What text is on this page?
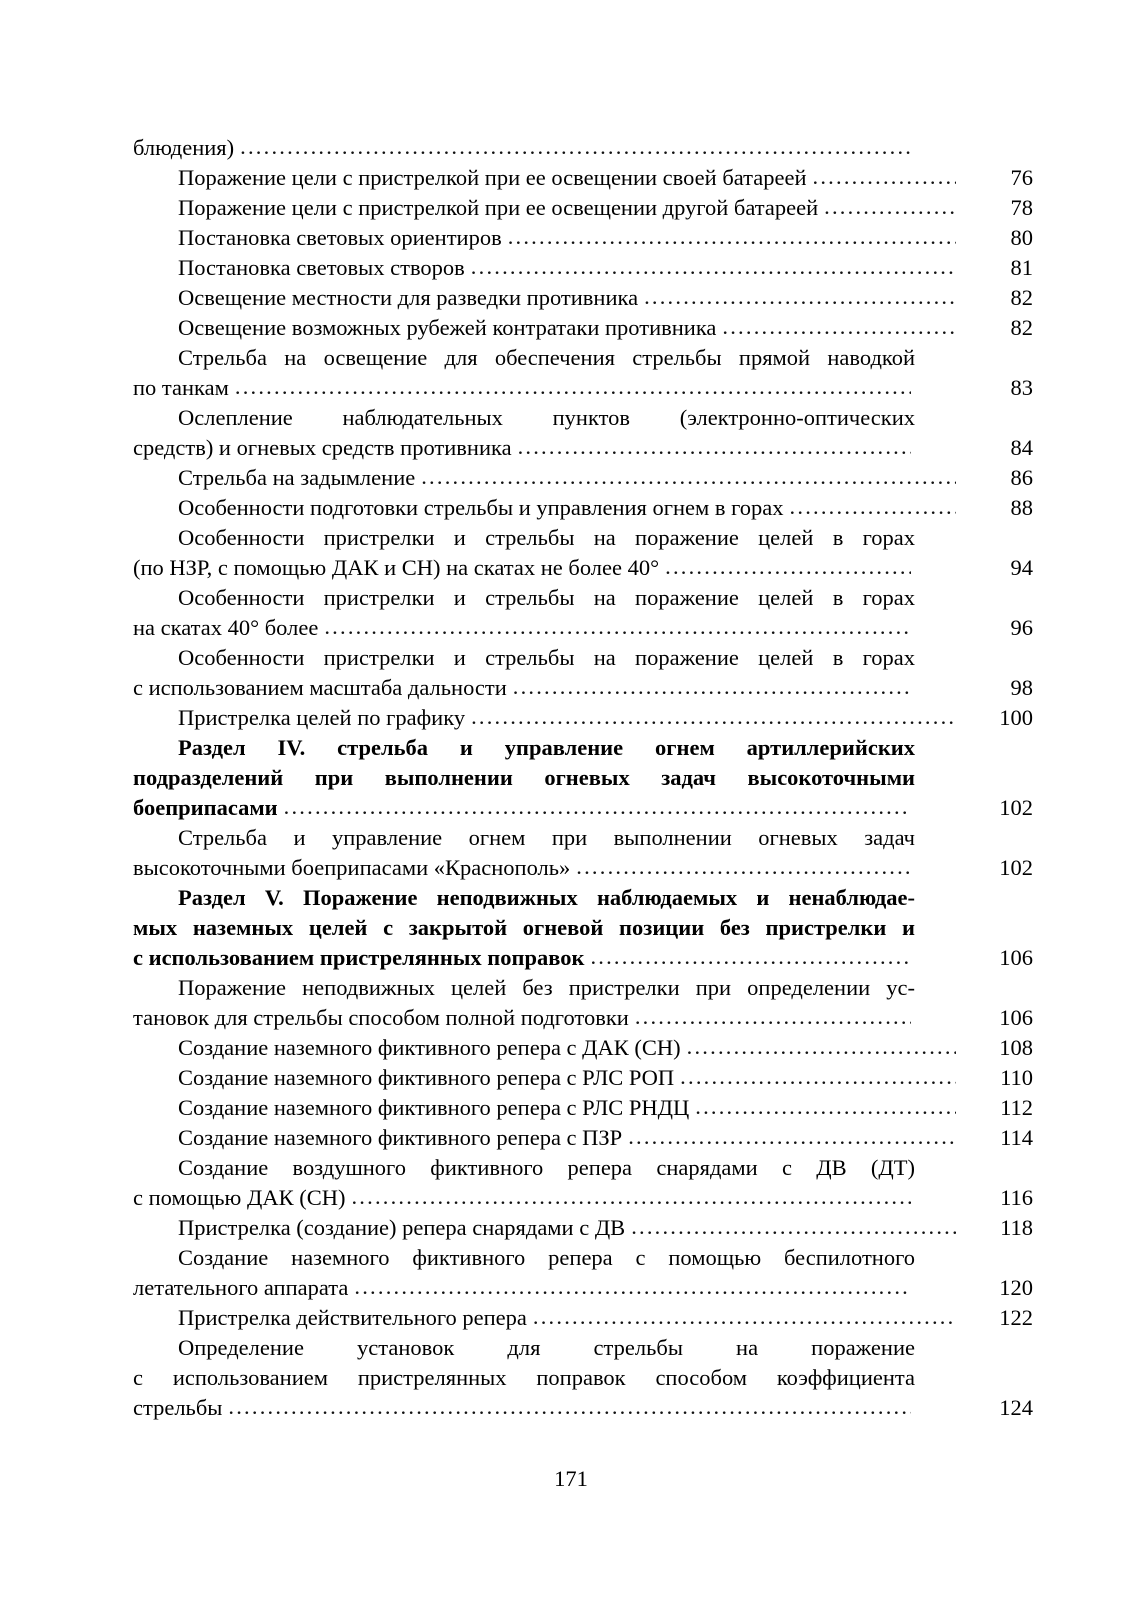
блюдения)
.....
Поражение цели с пристрелкой при ее освещении своей батареей .....	76
Поражение цели с пристрелкой при ее освещении другой батареей .....	78
Постановка световых ориентиров .....	80
Постановка световых створов .....	81
Освещение местности для разведки противника .....	82
Освещение возможных рубежей контратаки противника .....	82
Стрельба на освещение для обеспечения стрельбы прямой наводкой
по танкам .....	83
Ослепление наблюдательных пунктов (электронно-оптических
средств) и огневых средств противника .....	84
Стрельба на задымление .....	86
Особенности подготовки стрельбы и управления огнем в горах .....	88
Особенности пристрелки и стрельбы на поражение целей в горах
(по НЗР, с помощью ДАК и СН) на скатах не более 40° .....	94
Особенности пристрелки и стрельбы на поражение целей в горах
на скатах 40° более .....	96
Особенности пристрелки и стрельбы на поражение целей в горах
с использованием масштаба дальности .....	98
Пристрелка целей по графику .....	100
Раздел IV. стрельба и управление огнем артиллерийских
подразделений при выполнении огневых задач высокоточными
боеприпасами .....	102
Стрельба и управление огнем при выполнении огневых задач
высокоточными боеприпасами «Краснополь» .....	102
Раздел V. Поражение неподвижных наблюдаемых и ненаблюдае-
мых наземных целей с закрытой огневой позиции без пристрелки и
с использованием пристрелянных поправок .....	106
Поражение неподвижных целей без пристрелки при определении ус-
тановок для стрельбы способом полной подготовки .....	106
Создание наземного фиктивного репера с ДАК (СН) .....	108
Создание наземного фиктивного репера с РЛС РОП .....	110
Создание наземного фиктивного репера с РЛС РНДЦ .....	112
Создание наземного фиктивного репера с ПЗР .....	114
Создание воздушного фиктивного репера снарядами с ДВ (ДТ)
с помощью ДАК (СН) .....	116
Пристрелка (создание) репера снарядами с ДВ .....	118
Создание наземного фиктивного репера с помощью беспилотного
летательного аппарата .....	120
Пристрелка действительного репера .....	122
Определение установок для стрельбы на поражение
с использованием пристрелянных поправок способом коэффициента
стрельбы .....	124
171
